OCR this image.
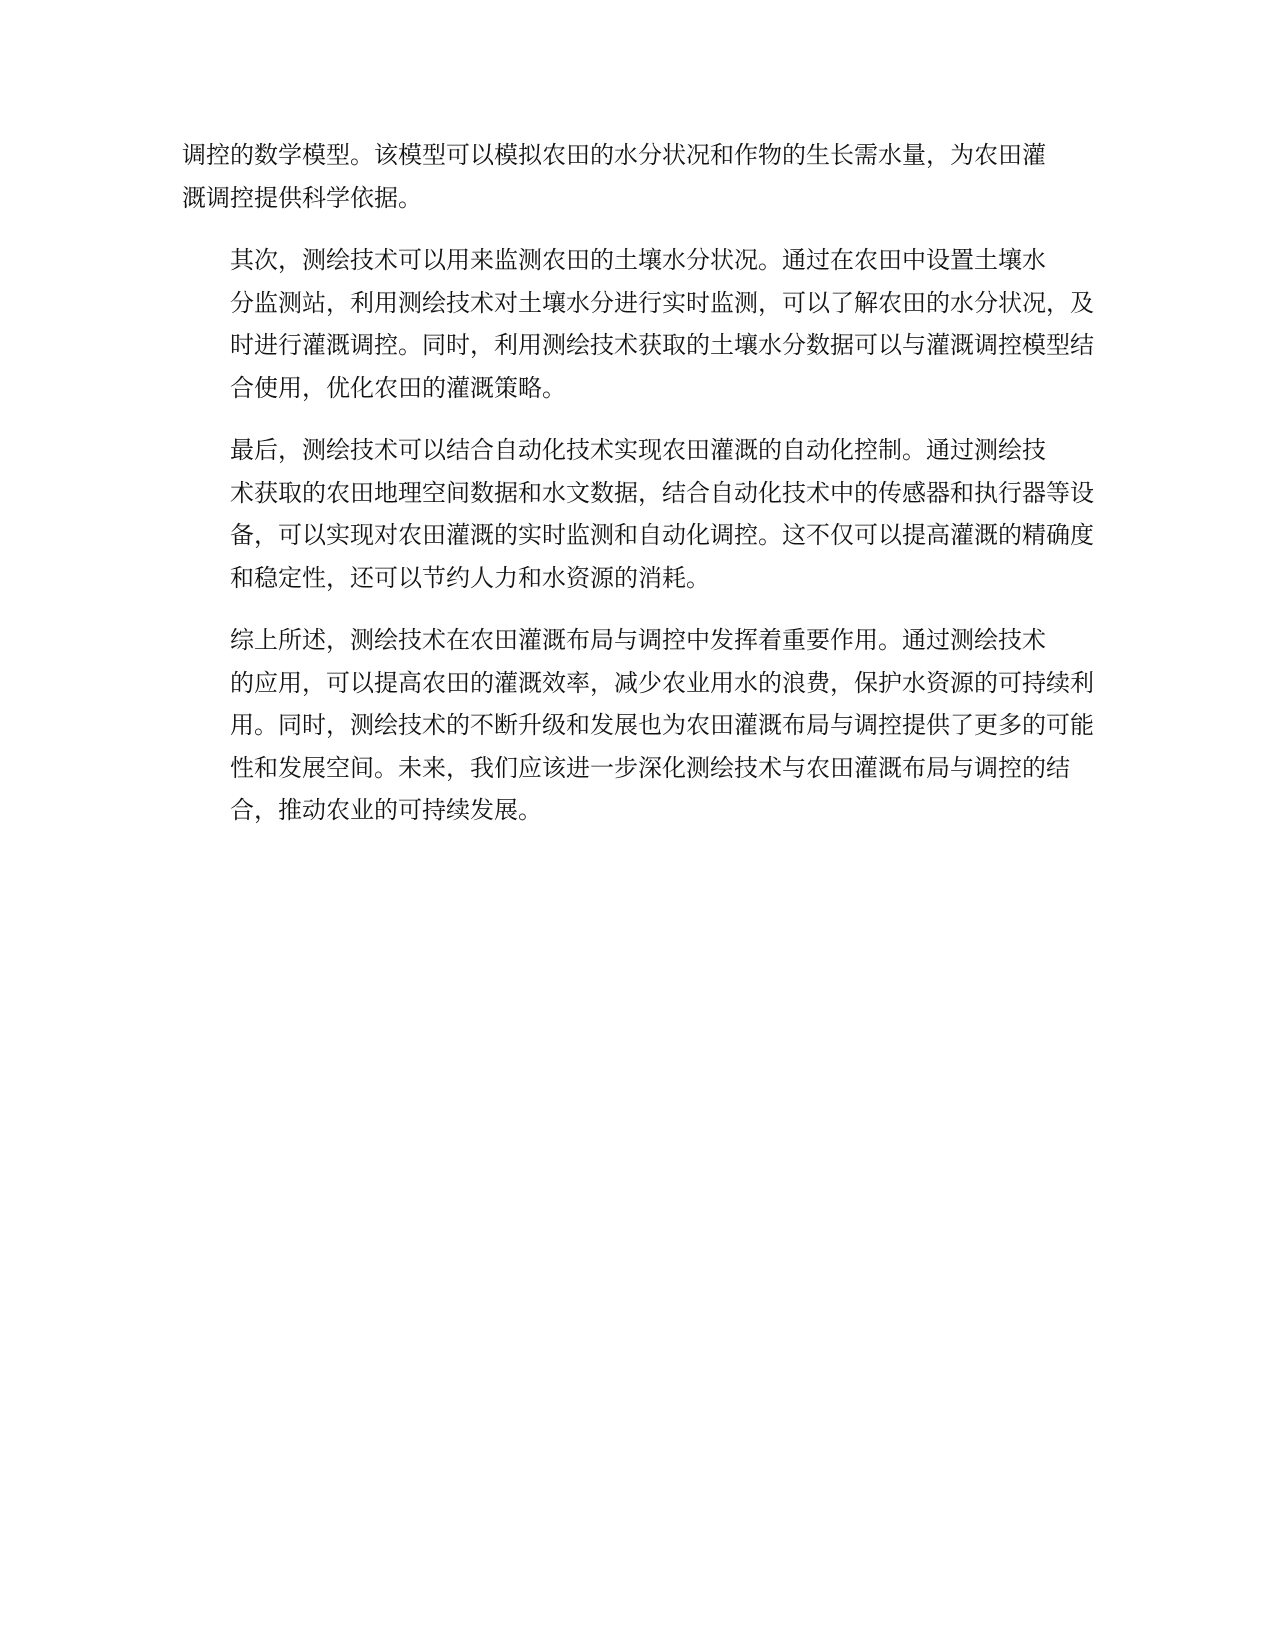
调控的数学模型。该模型可以模拟农田的水分状况和作物的生长需水量，为农田灌
溉调控提供科学依据。

其次，测绘技术可以用来监测农田的土壤水分状况。通过在农田中设置土壤水
分监测站，利用测绘技术对土壤水分进行实时监测，可以了解农田的水分状况，及
时进行灌溉调控。同时，利用测绘技术获取的土壤水分数据可以与灌溉调控模型结
合使用，优化农田的灌溉策略。

最后，测绘技术可以结合自动化技术实现农田灌溉的自动化控制。通过测绘技
术获取的农田地理空间数据和水文数据，结合自动化技术中的传感器和执行器等设
备，可以实现对农田灌溉的实时监测和自动化调控。这不仅可以提高灌溉的精确度
和稳定性，还可以节约人力和水资源的消耗。

综上所述，测绘技术在农田灌溉布局与调控中发挥着重要作用。通过测绘技术
的应用，可以提高农田的灌溉效率，减少农业用水的浪费，保护水资源的可持续利
用。同时，测绘技术的不断升级和发展也为农田灌溉布局与调控提供了更多的可能
性和发展空间。未来，我们应该进一步深化测绘技术与农田灌溉布局与调控的结
合，推动农业的可持续发展。
